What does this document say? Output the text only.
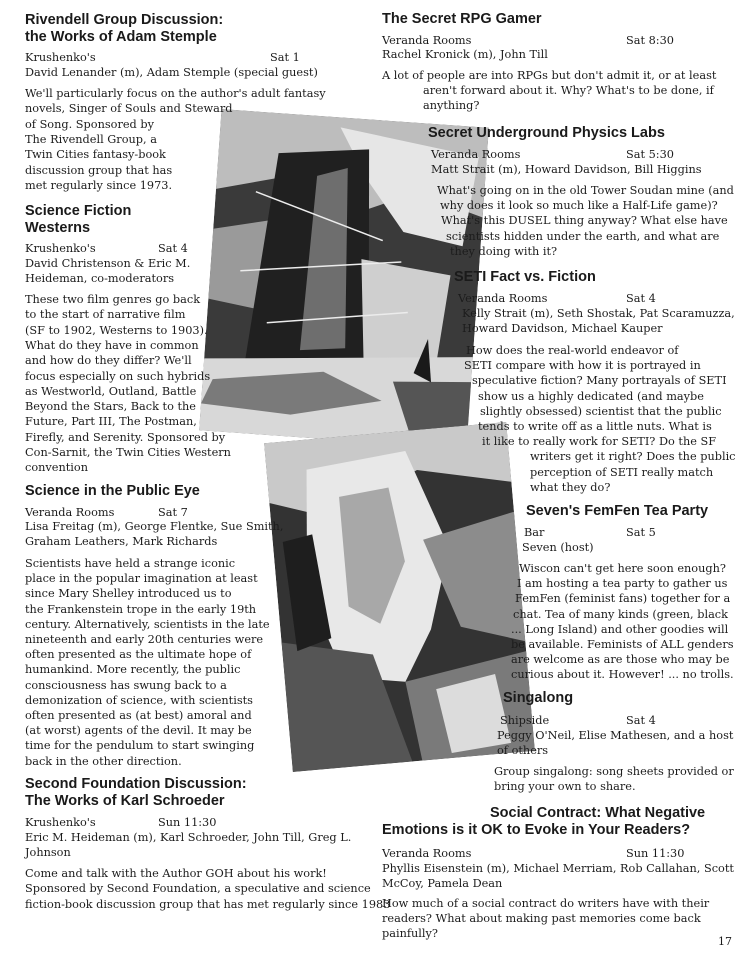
Rivendell Group Discussion:
the Works of Adam Stemple
Krushenko's	Sat 1
David Lenander (m), Adam Stemple (special guest)
We'll particularly focus on the author's adult fantasy
novels, Singer of Souls and Steward
of Song. Sponsored by
The Rivendell Group, a
Twin Cities fantasy-book
discussion group that has
met regularly since 1973.
Science Fiction
Westerns
Krushenko's	Sat 4
David Christenson & Eric M.
Heideman, co-moderators
These two film genres go back
to the start of narrative film
(SF to 1902, Westerns to 1903).
What do they have in common
and how do they differ? We'll
focus especially on such hybrids
as Westworld, Outland, Battle
Beyond the Stars, Back to the
Future, Part III, The Postman,
Firefly, and Serenity. Sponsored by
Con-Sarnit, the Twin Cities Western
convention
Science in the Public Eye
Veranda Rooms	Sat 7
Lisa Freitag (m), George Flentke, Sue Smith,
Graham Leathers, Mark Richards
Scientists have held a strange iconic
place in the popular imagination at least
since Mary Shelley introduced us to
the Frankenstein trope in the early 19th
century. Alternatively, scientists in the late
nineteenth and early 20th centuries were
often presented as the ultimate hope of
humankind. More recently, the public
consciousness has swung back to a
demonization of science, with scientists
often presented as (at best) amoral and
(at worst) agents of the devil. It may be
time for the pendulum to start swinging
back in the other direction.
Second Foundation Discussion:
The Works of Karl Schroeder
Krushenko's	Sun 11:30
Eric M. Heideman (m), Karl Schroeder, John Till, Greg L.
Johnson
Come and talk with the Author GOH about his work!
Sponsored by Second Foundation, a speculative and science
fiction-book discussion group that has met regularly since 1983
The Secret RPG Gamer
Veranda Rooms	Sat 8:30
Rachel Kronick (m), John Till
A lot of people are into RPGs but don't admit it, or at least
aren't forward about it. Why? What's to be done, if
anything?
Secret Underground Physics Labs
Veranda Rooms	Sat 5:30
Matt Strait (m), Howard Davidson, Bill Higgins
What's going on in the old Tower Soudan mine (and
why does it look so much like a Half-Life game)?
What's this DUSEL thing anyway? What else have
scientists hidden under the earth, and what are
they doing with it?
SETI Fact vs. Fiction
Veranda Rooms	Sat 4
Kelly Strait (m), Seth Shostak, Pat Scaramuzza,
Howard Davidson, Michael Kauper
How does the real-world endeavor of
SETI compare with how it is portrayed in
speculative fiction? Many portrayals of SETI
show us a highly dedicated (and maybe
slightly obsessed) scientist that the public
tends to write off as a little nuts. What is
it like to really work for SETI? Do the SF
writers get it right? Does the public
perception of SETI really match
what they do?
Seven's FemFen Tea Party
Bar	Sat 5
Seven (host)
Wiscon can't get here soon enough?
I am hosting a tea party to gather us
FemFen (feminist fans) together for a
chat. Tea of many kinds (green, black
... Long Island) and other goodies will
be available. Feminists of ALL genders
are welcome as are those who may be
curious about it. However! ... no trolls.
Singalong
Shipside	Sat 4
Peggy O'Neil, Elise Mathesen, and a host
of others
Group singalong: song sheets provided or
bring your own to share.
Social Contract: What Negative
Emotions is it OK to Evoke in Your Readers?
Veranda Rooms	Sun 11:30
Phyllis Eisenstein (m), Michael Merriam, Rob Callahan, Scott
McCoy, Pamela Dean
How much of a social contract do writers have with their
readers? What about making past memories come back
painfully?
17
